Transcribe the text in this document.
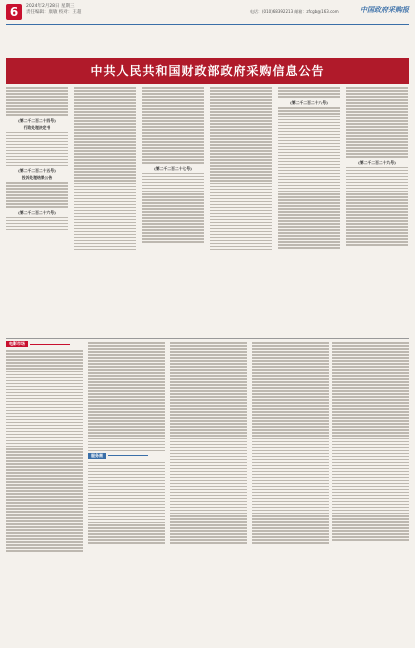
6	2024年2月28日 星期三
责任编辑：康敏 校对：王超	电话：(010)68392213 邮箱：zfcgb@163.com	中国政府采购报
中共人民共和国财政部政府采购信息公告
(第二千二百二十四号)
行政处理决定书
(第二千二百二十五号)
投诉处理结果公告
(第二千二百二十六号)
(第二千二百二十七号)
(第二千二百二十八号)
(第二千二百二十九号)
电影市场
服务商
